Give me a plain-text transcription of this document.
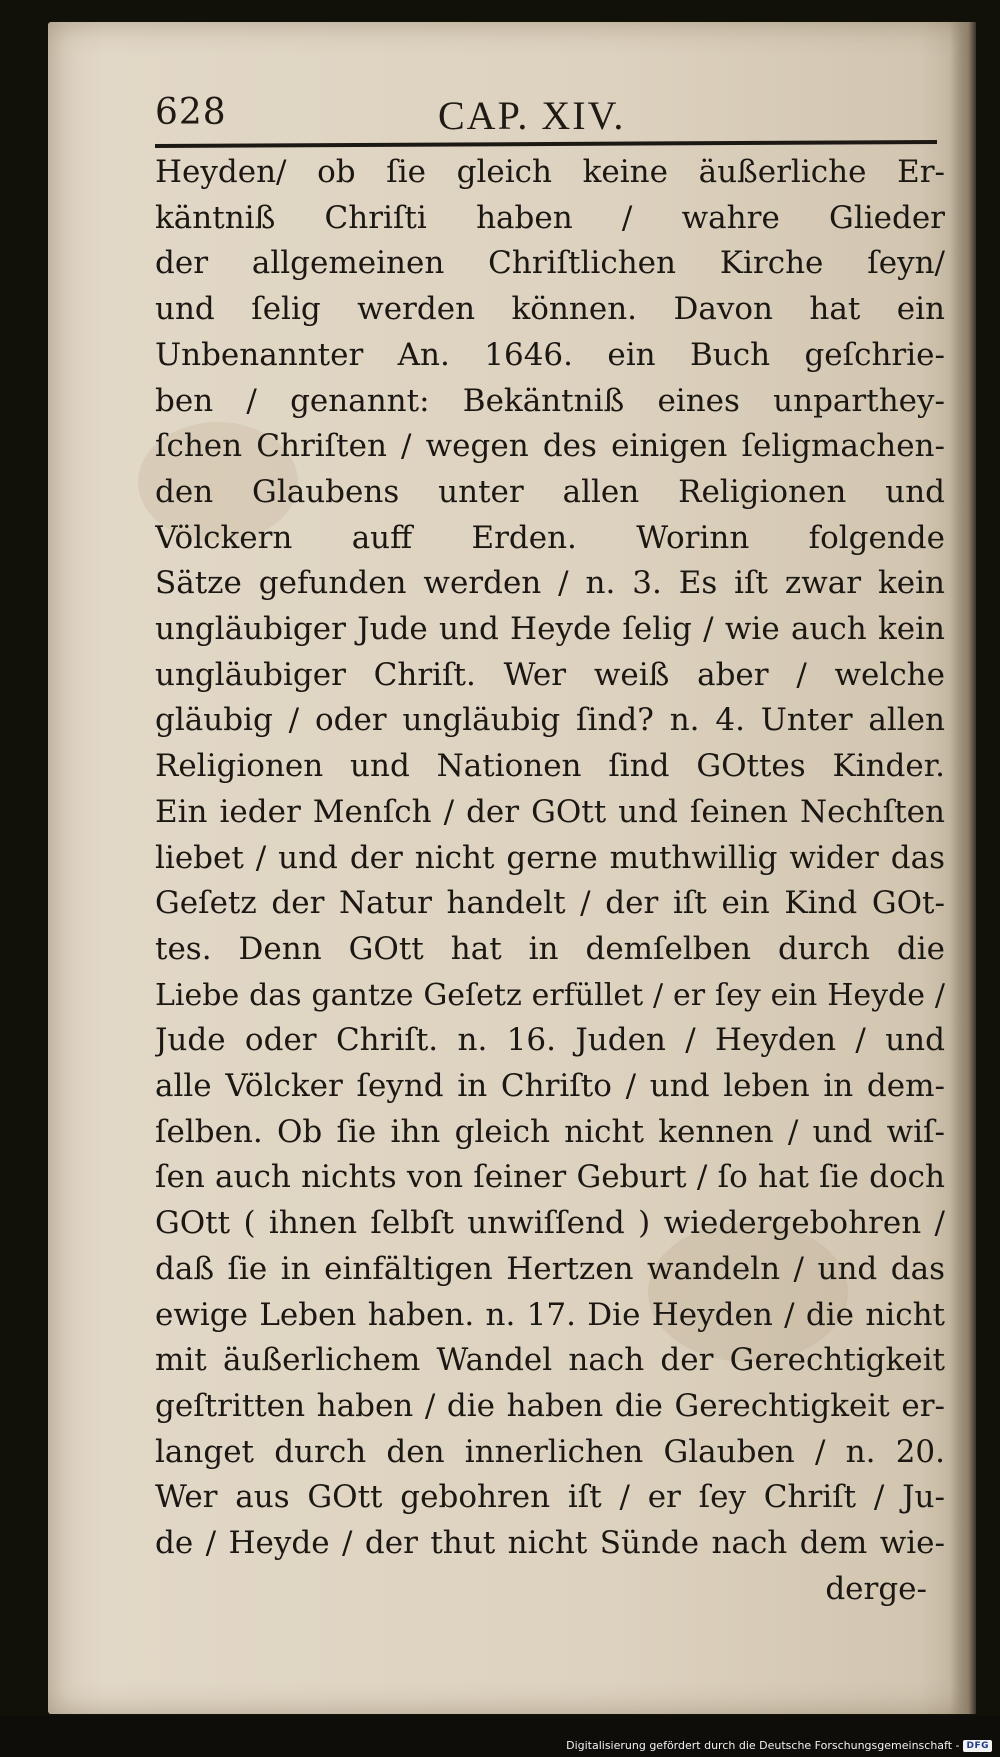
628	CAP. XIV.
Heyden/ ob ſie gleich keine äußerliche Er-
käntniß Chriſti haben / wahre Glieder
der allgemeinen Chriſtlichen Kirche ſeyn/
und ſelig werden können. Davon hat ein
Unbenannter An. 1646. ein Buch geſchrie-
ben / genannt: Bekäntniß eines unparthey-
ſchen Chriſten / wegen des einigen ſeligmachen-
den Glaubens unter allen Religionen und
Völckern auff Erden. Worinn folgende
Sätze gefunden werden / n. 3. Es iſt zwar kein
ungläubiger Jude und Heyde ſelig / wie auch kein
ungläubiger Chriſt. Wer weiß aber / welche
gläubig / oder ungläubig ſind? n. 4. Unter allen
Religionen und Nationen ſind GOttes Kinder.
Ein ieder Menſch / der GOtt und ſeinen Nechſten
liebet / und der nicht gerne muthwillig wider das
Geſetz der Natur handelt / der iſt ein Kind GOt-
tes. Denn GOtt hat in demſelben durch die
Liebe das gantze Geſetz erfüllet / er ſey ein Heyde /
Jude oder Chriſt. n. 16. Juden / Heyden / und
alle Völcker ſeynd in Chriſto / und leben in dem-
ſelben. Ob ſie ihn gleich nicht kennen / und wiſ-
ſen auch nichts von ſeiner Geburt / ſo hat ſie doch
GOtt ( ihnen ſelbſt unwiſſend ) wiedergebohren /
daß ſie in einfältigen Hertzen wandeln / und das
ewige Leben haben. n. 17. Die Heyden / die nicht
mit äußerlichem Wandel nach der Gerechtigkeit
geſtritten haben / die haben die Gerechtigkeit er-
langet durch den innerlichen Glauben / n. 20.
Wer aus GOtt gebohren iſt / er ſey Chriſt / Ju-
de / Heyde / der thut nicht Sünde nach dem wie-
derge-
Digitalisierung gefördert durch die Deutsche Forschungsgemeinschaft - DFG
